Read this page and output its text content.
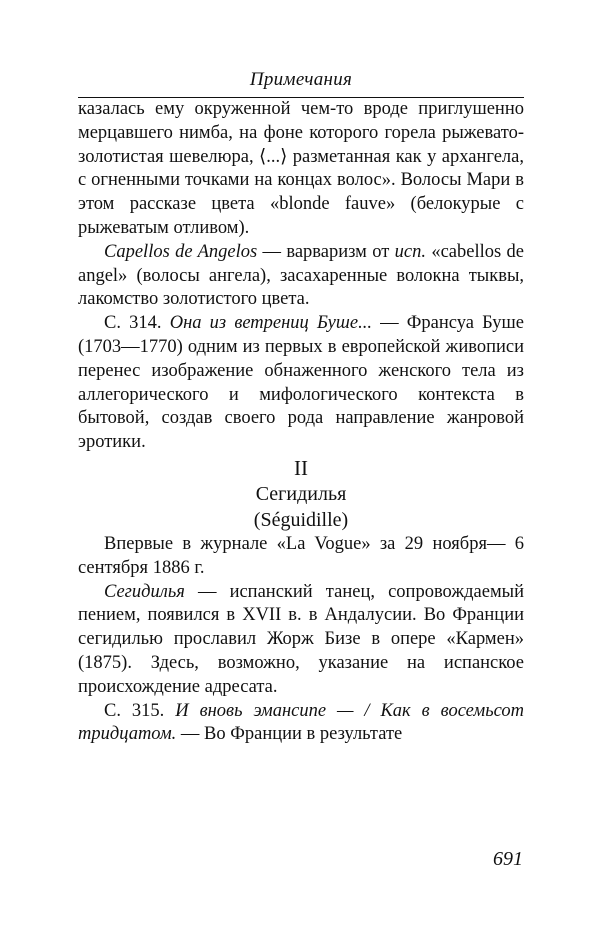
Примечания

казалась ему окруженной чем-то вроде приглушенно мерцавшего нимба, на фоне которого горела рыжевато-золотистая шевелюра, ⟨...⟩ разметанная как у архангела, с огненными точками на концах волос». Волосы Мари в этом рассказе цвета «blonde fauve» (белокурые с рыжеватым отливом).

Capellos de Angelos — варваризм от исп. «cabellos de angel» (волосы ангела), засахаренные волокна тыквы, лакомство золотистого цвета.

С. 314. Она из ветрениц Буше... — Франсуа Буше (1703—1770) одним из первых в европейской живописи перенес изображение обнаженного женского тела из аллегорического и мифологического контекста в бытовой, создав своего рода направление жанровой эротики.

II

Сегидилья

(Séguidille)

Впервые в журнале «La Vogue» за 29 ноября— 6 сентября 1886 г.

Сегидилья — испанский танец, сопровождаемый пением, появился в XVII в. в Андалусии. Во Франции сегидилью прославил Жорж Бизе в опере «Кармен» (1875). Здесь, возможно, указание на испанское происхождение адресата.

С. 315. И вновь эмансипе — / Как в восемьсот тридцатом. — Во Франции в результате

691
